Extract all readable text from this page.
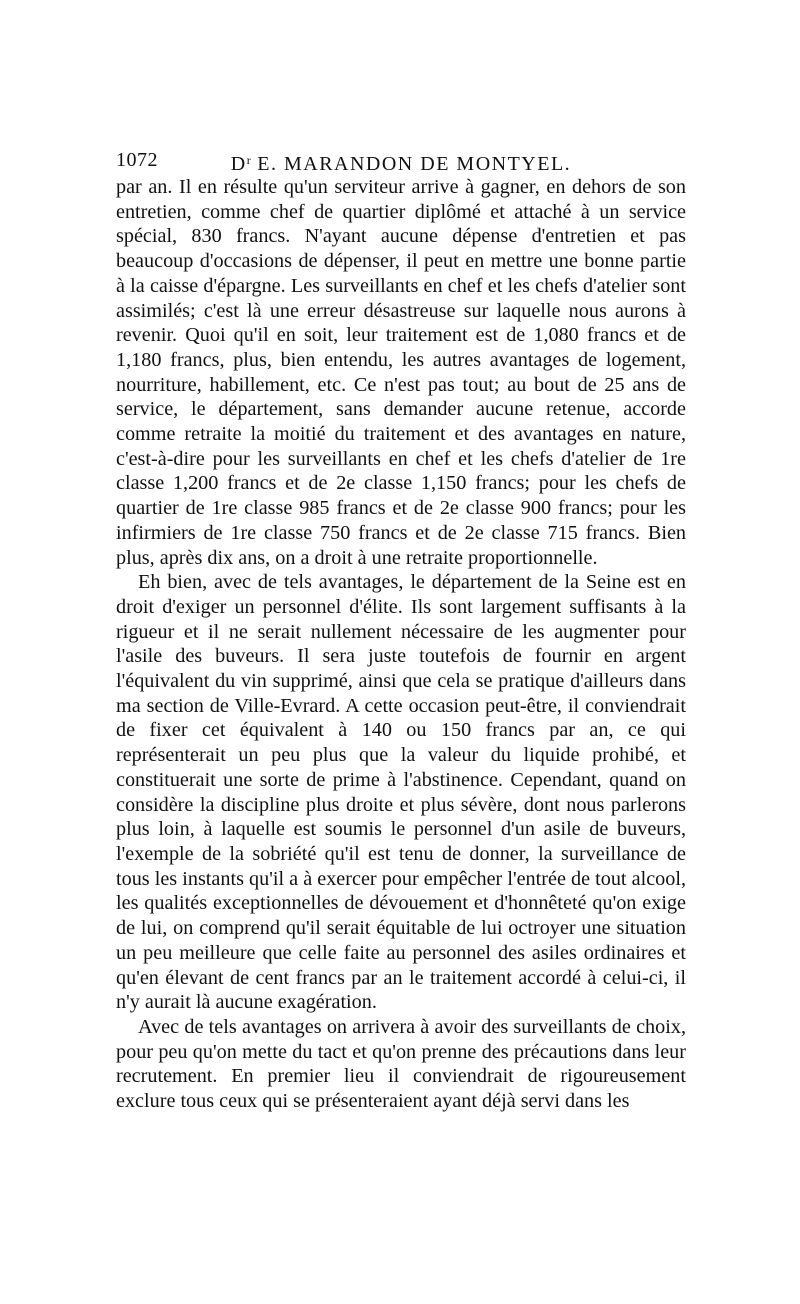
1072	$D^r$ E. MARANDON DE MONTYEL.

par an. Il en résulte qu'un serviteur arrive à gagner, en dehors de son entretien, comme chef de quartier diplômé et attaché à un service spécial, 830 francs. N'ayant aucune dépense d'entretien et pas beaucoup d'occasions de dépenser, il peut en mettre une bonne partie à la caisse d'épargne. Les surveillants en chef et les chefs d'atelier sont assimilés; c'est là une erreur désastreuse sur laquelle nous aurons à revenir. Quoi qu'il en soit, leur traitement est de 1,080 francs et de 1,180 francs, plus, bien entendu, les autres avantages de logement, nourriture, habillement, etc. Ce n'est pas tout; au bout de 25 ans de service, le département, sans demander aucune retenue, accorde comme retraite la moitié du traitement et des avantages en nature, c'est-à-dire pour les surveillants en chef et les chefs d'atelier de 1re classe 1,200 francs et de 2e classe 1,150 francs; pour les chefs de quartier de 1re classe 985 francs et de 2e classe 900 francs; pour les infirmiers de 1re classe 750 francs et de 2e classe 715 francs. Bien plus, après dix ans, on a droit à une retraite proportionnelle.

Eh bien, avec de tels avantages, le département de la Seine est en droit d'exiger un personnel d'élite. Ils sont largement suffisants à la rigueur et il ne serait nullement nécessaire de les augmenter pour l'asile des buveurs. Il sera juste toutefois de fournir en argent l'équivalent du vin supprimé, ainsi que cela se pratique d'ailleurs dans ma section de Ville-Evrard. A cette occasion peut-être, il conviendrait de fixer cet équivalent à 140 ou 150 francs par an, ce qui représenterait un peu plus que la valeur du liquide prohibé, et constituerait une sorte de prime à l'abstinence. Cependant, quand on considère la discipline plus droite et plus sévère, dont nous parlerons plus loin, à laquelle est soumis le personnel d'un asile de buveurs, l'exemple de la sobriété qu'il est tenu de donner, la surveillance de tous les instants qu'il a à exercer pour empêcher l'entrée de tout alcool, les qualités exceptionnelles de dévouement et d'honnêteté qu'on exige de lui, on comprend qu'il serait équitable de lui octroyer une situation un peu meilleure que celle faite au personnel des asiles ordinaires et qu'en élevant de cent francs par an le traitement accordé à celui-ci, il n'y aurait là aucune exagération.

Avec de tels avantages on arrivera à avoir des surveillants de choix, pour peu qu'on mette du tact et qu'on prenne des précautions dans leur recrutement. En premier lieu il conviendrait de rigoureusement exclure tous ceux qui se présenteraient ayant déjà servi dans les
